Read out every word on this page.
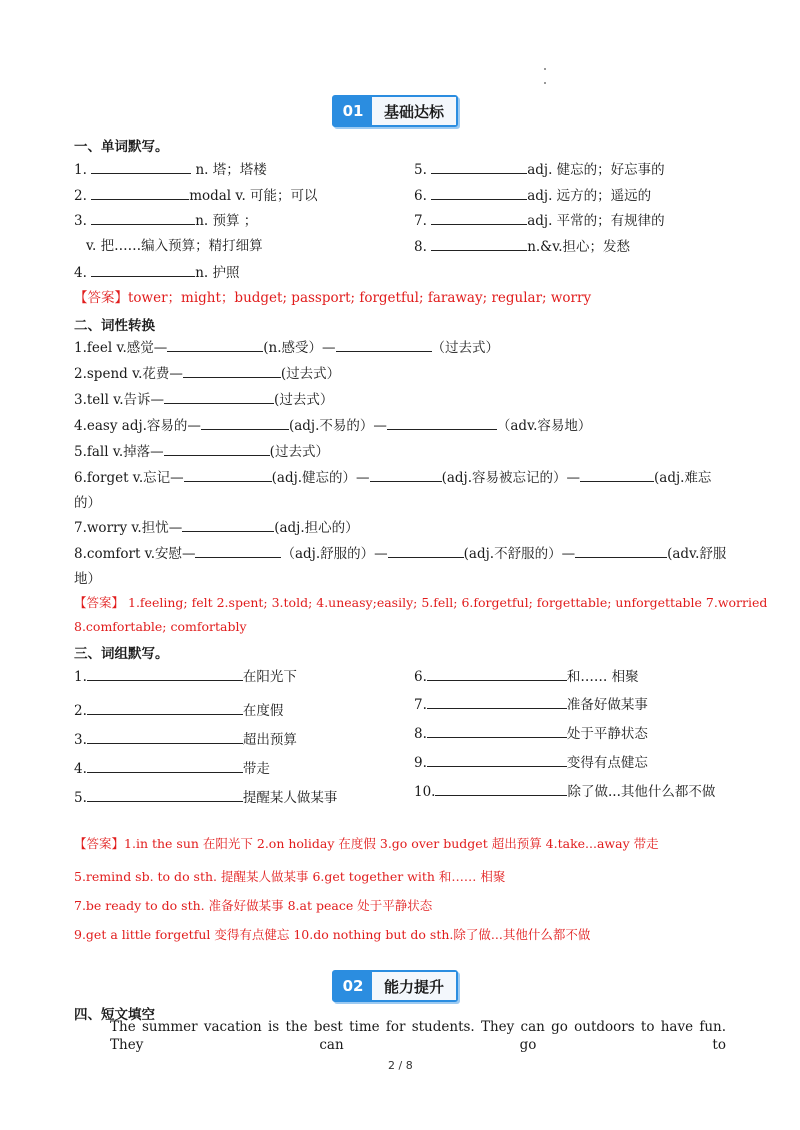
01	基础达标
一、单词默写。
1.	n. 塔；塔楼
2.	modal v. 可能；可以
3.	n. 预算 ；
v. 把……编入预算；精打细算
4.	n. 护照
5.	adj. 健忘的；好忘事的
6.	adj. 远方的；遥远的
7.	adj. 平常的；有规律的
8.	n.&v.担心；发愁
【答案】tower；might；budget; passport; forgetful; faraway; regular; worry
二、词性转换
1.feel v.感觉—	(n.感受）—	（过去式）
2.spend v.花费—	(过去式）
3.tell v.告诉—	(过去式）
4.easy adj.容易的—	(adj.不易的）—	（adv.容易地）
5.fall v.掉落—	(过去式）
6.forget v.忘记—	(adj.健忘的）—	(adj.容易被忘记的）—	(adj.难忘
的）
7.worry v.担忧—	(adj.担心的）
8.comfort v.安慰—	（adj.舒服的）—	(adj.不舒服的）—	(adv.舒服
地）
【答案】 1.feeling; felt 2.spent; 3.told; 4.uneasy;easily; 5.fell; 6.forgetful; forgettable; unforgettable 7.worried
8.comfortable; comfortably
三、词组默写。
1.	在阳光下
2.	在度假
3.	超出预算
4.	带走
5.	提醒某人做某事
6.	和…… 相聚
7.	准备好做某事
8.	处于平静状态
9.	变得有点健忘
10.	除了做...其他什么都不做
【答案】1.in the sun 在阳光下 2.on holiday 在度假 3.go over budget 超出预算 4.take...away 带走
5.remind sb. to do sth. 提醒某人做某事 6.get together with 和…… 相聚
7.be ready to do sth. 准备好做某事 8.at peace 处于平静状态
9.get a little forgetful 变得有点健忘 10.do nothing but do sth.除了做...其他什么都不做
02	能力提升
四、短文填空
The summer vacation is the best time for students. They can go outdoors to have fun. They can go to
2 / 8
